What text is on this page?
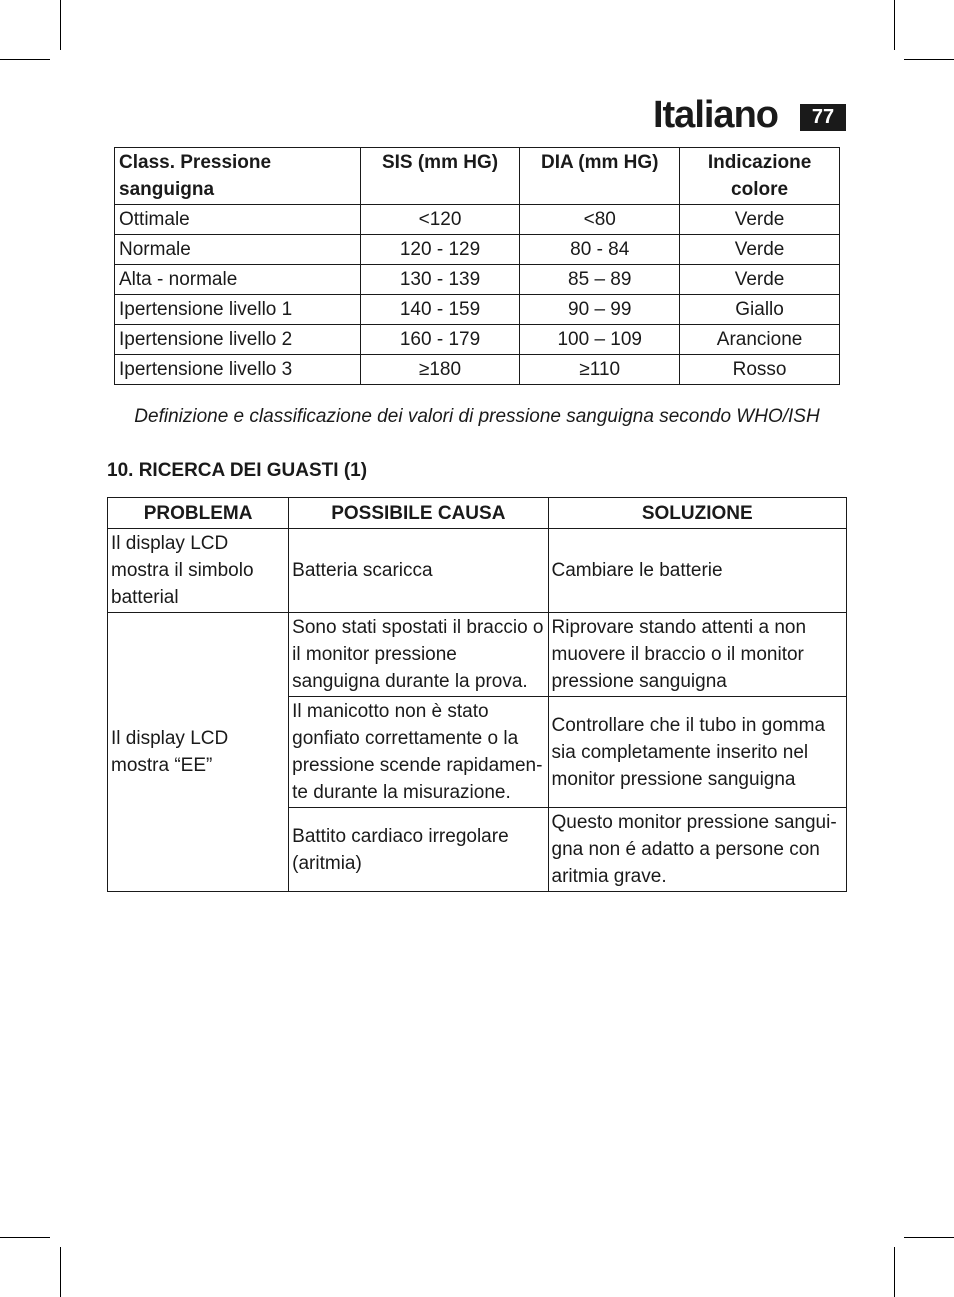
Italiano	77
Class. Pressione sanguigna	SIS (mm HG)	DIA (mm HG)	Indicazione colore
Ottimale	<120	<80	Verde
Normale	120 - 129	80 - 84	Verde
Alta - normale	130 - 139	85 – 89	Verde
Ipertensione livello 1	140 - 159	90 – 99	Giallo
Ipertensione livello 2	160 - 179	100 – 109	Arancione
Ipertensione livello 3	≥180	≥110	Rosso
Definizione e classificazione dei valori di pressione sanguigna secondo WHO/ISH
10. RICERCA DEI GUASTI (1)
PROBLEMA	POSSIBILE CAUSA	SOLUZIONE
Il display LCD mostra il simbolo batterial	Batteria scaricca	Cambiare le batterie
Il display LCD mostra “EE”	Sono stati spostati il braccio o il monitor pressione sanguigna durante la prova.	Riprovare stando attenti a non muovere il braccio o il monitor pressione sanguigna
	Il manicotto non è stato gonfiato correttamente o la pressione scende rapidamen-te durante la misurazione.	Controllare che il tubo in gomma sia completamente inserito nel monitor pressione sanguigna
	Battito cardiaco irregolare (aritmia)	Questo monitor pressione sangui-gna non é adatto a persone con aritmia grave.
